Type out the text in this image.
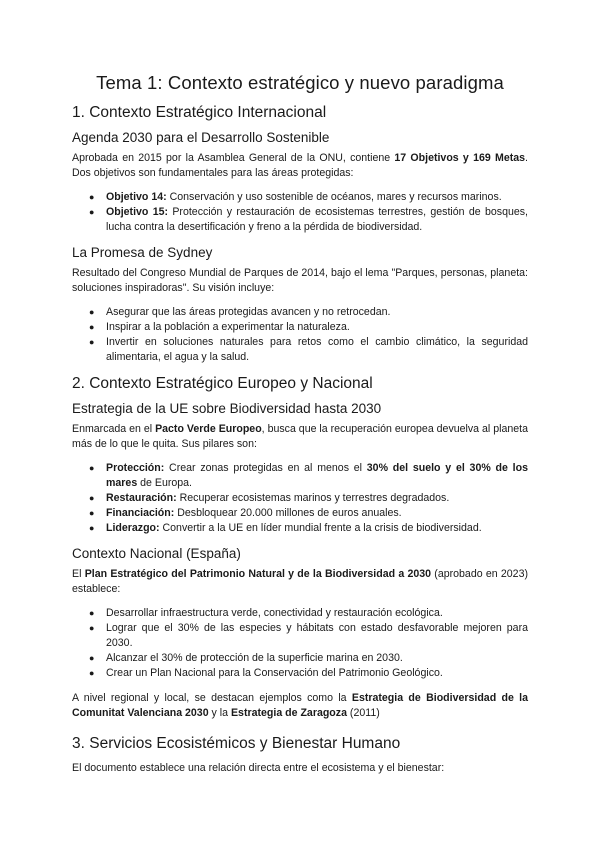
Tema 1: Contexto estratégico y nuevo paradigma
1. Contexto Estratégico Internacional
Agenda 2030 para el Desarrollo Sostenible

Aprobada en 2015 por la Asamblea General de la ONU, contiene 17 Objetivos y 169 Metas. Dos objetivos son fundamentales para las áreas protegidas:

● Objetivo 14: Conservación y uso sostenible de océanos, mares y recursos marinos.
● Objetivo 15: Protección y restauración de ecosistemas terrestres, gestión de bosques, lucha contra la desertificación y freno a la pérdida de biodiversidad.
La Promesa de Sydney

Resultado del Congreso Mundial de Parques de 2014, bajo el lema "Parques, personas, planeta: soluciones inspiradoras". Su visión incluye:

● Asegurar que las áreas protegidas avancen y no retrocedan.
● Inspirar a la población a experimentar la naturaleza.
● Invertir en soluciones naturales para retos como el cambio climático, la seguridad alimentaria, el agua y la salud.
2. Contexto Estratégico Europeo y Nacional
Estrategia de la UE sobre Biodiversidad hasta 2030

Enmarcada en el Pacto Verde Europeo, busca que la recuperación europea devuelva al planeta más de lo que le quita. Sus pilares son:

● Protección: Crear zonas protegidas en al menos el 30% del suelo y el 30% de los mares de Europa.
● Restauración: Recuperar ecosistemas marinos y terrestres degradados.
● Financiación: Desbloquear 20.000 millones de euros anuales.
● Liderazgo: Convertir a la UE en líder mundial frente a la crisis de biodiversidad.
Contexto Nacional (España)

El Plan Estratégico del Patrimonio Natural y de la Biodiversidad a 2030 (aprobado en 2023) establece:

● Desarrollar infraestructura verde, conectividad y restauración ecológica.
● Lograr que el 30% de las especies y hábitats con estado desfavorable mejoren para 2030.
● Alcanzar el 30% de protección de la superficie marina en 2030.
● Crear un Plan Nacional para la Conservación del Patrimonio Geológico.

A nivel regional y local, se destacan ejemplos como la Estrategia de Biodiversidad de la Comunitat Valenciana 2030 y la Estrategia de Zaragoza (2011)

3. Servicios Ecosistémicos y Bienestar Humano

El documento establece una relación directa entre el ecosistema y el bienestar:
